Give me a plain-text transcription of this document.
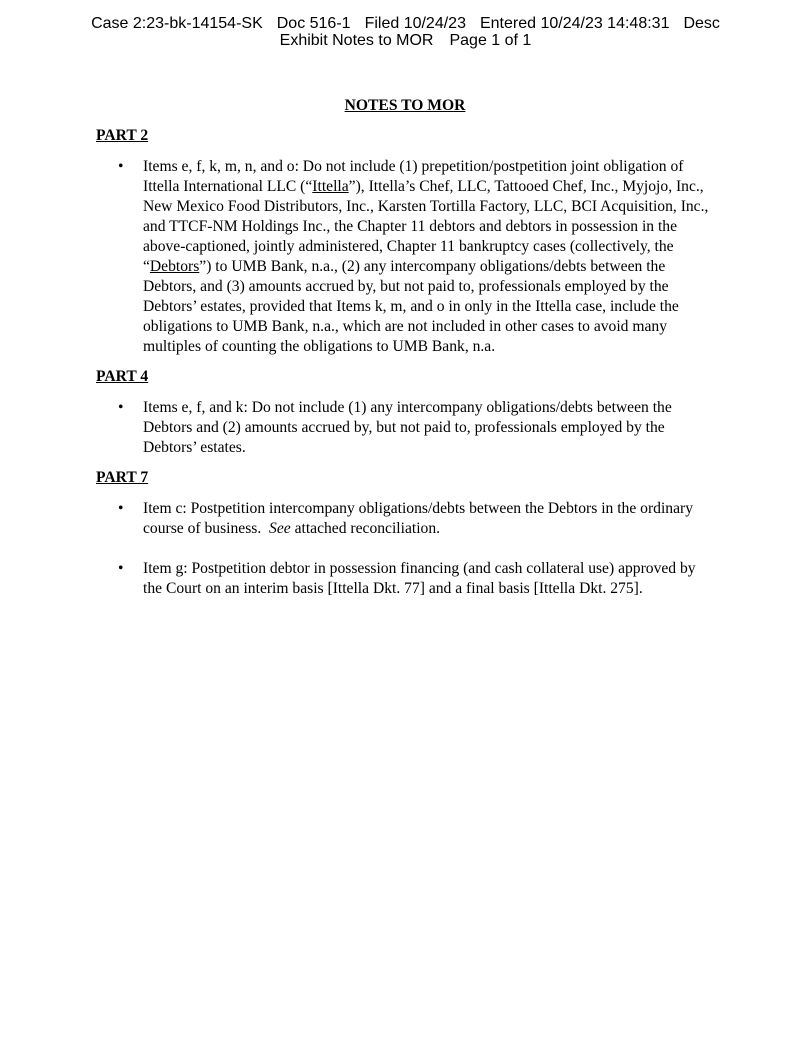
Case 2:23-bk-14154-SK Doc 516-1 Filed 10/24/23 Entered 10/24/23 14:48:31 Desc
Exhibit Notes to MOR Page 1 of 1
NOTES TO MOR
PART 2
• Items e, f, k, m, n, and o: Do not include (1) prepetition/postpetition joint obligation of Ittella International LLC (“Ittella”), Ittella’s Chef, LLC, Tattooed Chef, Inc., Myjojo, Inc., New Mexico Food Distributors, Inc., Karsten Tortilla Factory, LLC, BCI Acquisition, Inc., and TTCF-NM Holdings Inc., the Chapter 11 debtors and debtors in possession in the above-captioned, jointly administered, Chapter 11 bankruptcy cases (collectively, the “Debtors”) to UMB Bank, n.a., (2) any intercompany obligations/debts between the Debtors, and (3) amounts accrued by, but not paid to, professionals employed by the Debtors’ estates, provided that Items k, m, and o in only in the Ittella case, include the obligations to UMB Bank, n.a., which are not included in other cases to avoid many multiples of counting the obligations to UMB Bank, n.a.
PART 4
• Items e, f, and k: Do not include (1) any intercompany obligations/debts between the Debtors and (2) amounts accrued by, but not paid to, professionals employed by the Debtors’ estates.
PART 7
• Item c: Postpetition intercompany obligations/debts between the Debtors in the ordinary course of business.  See attached reconciliation.
• Item g: Postpetition debtor in possession financing (and cash collateral use) approved by the Court on an interim basis [Ittella Dkt. 77] and a final basis [Ittella Dkt. 275].
